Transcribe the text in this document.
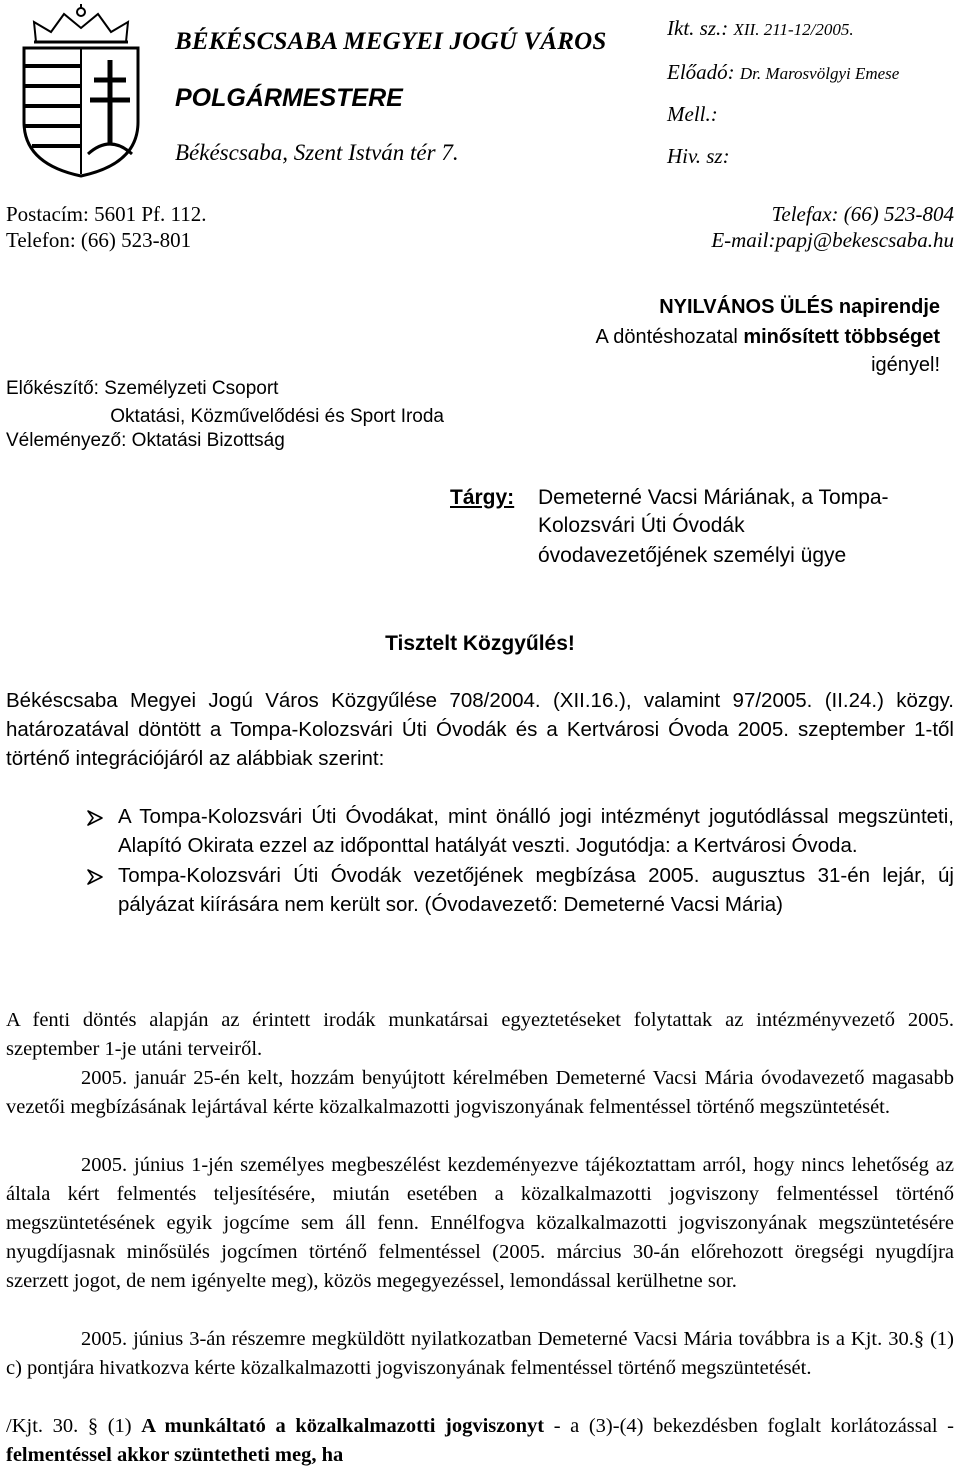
BÉKÉSCSABA MEGYEI JOGÚ VÁROS
POLGÁRMESTERE
Békéscsaba, Szent István tér 7.
Ikt. sz.: XII. 211-12/2005.
Előadó: Dr. Marosvölgyi Emese
Mell.:
Hiv. sz:
Postacím: 5601 Pf. 112.
Telefon: (66) 523-801
Telefax: (66) 523-804
E-mail:papj@bekescsaba.hu
NYILVÁNOS ÜLÉS napirendje
A döntéshozatal minősített többséget
igényel!
Előkészítő: Személyzeti Csoport
Oktatási, Közművelődési és Sport Iroda
Véleményező: Oktatási Bizottság
Tárgy: Demeterné Vacsi Máriának, a Tompa-
Kolozsvári Úti Óvodák
óvodavezetőjének személyi ügye
Tisztelt Közgyűlés!
Békéscsaba Megyei Jogú Város Közgyűlése 708/2004. (XII.16.), valamint 97/2005. (II.24.) közgy. határozatával döntött a Tompa-Kolozsvári Úti Óvodák és a Kertvárosi Óvoda 2005. szeptember 1-től történő integrációjáról az alábbiak szerint:
A Tompa-Kolozsvári Úti Óvodákat, mint önálló jogi intézményt jogutódlással megszünteti, Alapító Okirata ezzel az időponttal hatályát veszti. Jogutódja: a Kertvárosi Óvoda.
Tompa-Kolozsvári Úti Óvodák vezetőjének megbízása 2005. augusztus 31-én lejár, új pályázat kiírására nem került sor. (Óvodavezető: Demeterné Vacsi Mária)
A fenti döntés alapján az érintett irodák munkatársai egyeztetéseket folytattak az intézményvezető 2005. szeptember 1-je utáni terveiről.
2005. január 25-én kelt, hozzám benyújtott kérelmében Demeterné Vacsi Mária óvodavezető magasabb vezetői megbízásának lejártával kérte közalkalmazotti jogviszonyának felmentéssel történő megszüntetését.
2005. június 1-jén személyes megbeszélést kezdeményezve tájékoztattam arról, hogy nincs lehetőség az általa kért felmentés teljesítésére, miután esetében a közalkalmazotti jogviszony felmentéssel történő megszüntetésének egyik jogcíme sem áll fenn. Ennélfogva közalkalmazotti jogviszonyának megszüntetésére nyugdíjasnak minősülés jogcímen történő felmentéssel (2005. március 30-án előrehozott öregségi nyugdíjra szerzett jogot, de nem igényelte meg), közös megegyezéssel, lemondással kerülhetne sor.
2005. június 3-án részemre megküldött nyilatkozatban Demeterné Vacsi Mária továbbra is a Kjt. 30.§ (1) c) pontjára hivatkozva kérte közalkalmazotti jogviszonyának felmentéssel történő megszüntetését.
/Kjt. 30. § (1) A munkáltató a közalkalmazotti jogviszonyt - a (3)-(4) bekezdésben foglalt korlátozással - felmentéssel akkor szüntetheti meg, ha
